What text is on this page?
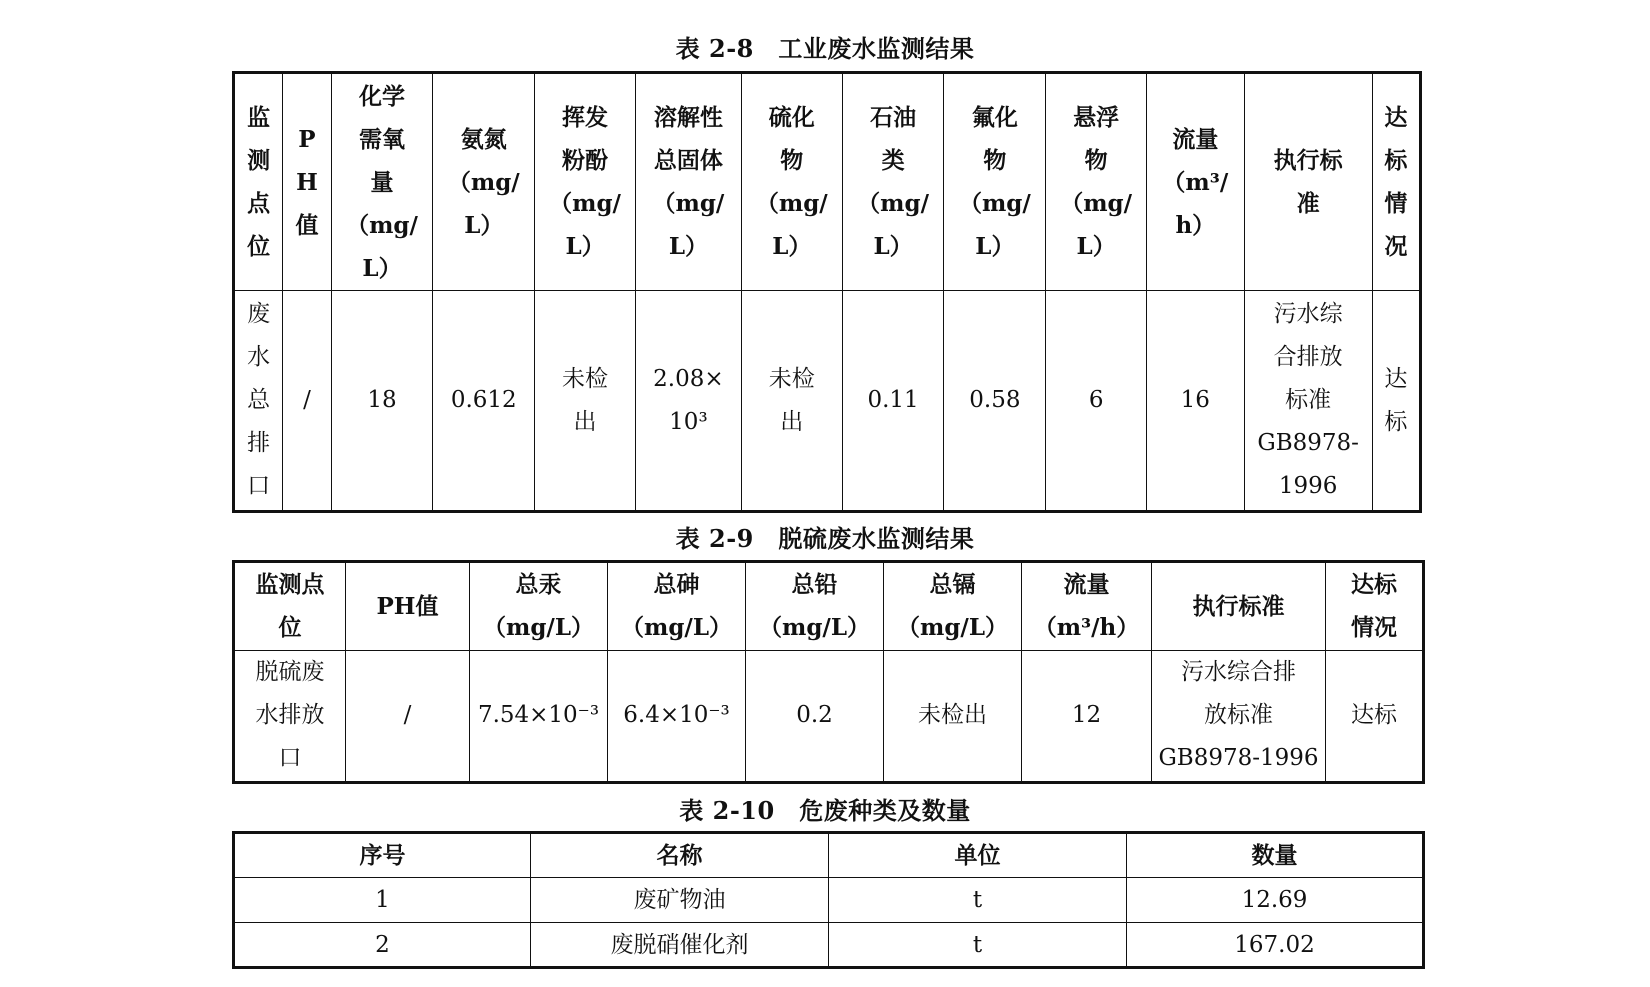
表 2-8　工业废水监测结果
监
测
点
位	P
H
值	化学
需氧
量
（mg/
L）	氨氮
（mg/
L）	挥发
粉酚
（mg/
L）	溶解性
总固体
（mg/
L）	硫化
物
（mg/
L）	石油
类
（mg/
L）	氟化
物
（mg/
L）	悬浮
物
（mg/
L）	流量
（m³/
h）	执行标
准	达
标
情
况

废
水
总
排
口	/	18	0.612	未检
出	2.08×
10³	未检
出	0.11	0.58	6	16	污水综
合排放
标准
GB8978-
1996	达
标
表 2-9　脱硫废水监测结果
监测点
位	PH值	总汞
（mg/L）	总砷
（mg/L）	总铅
（mg/L）	总镉
（mg/L）	流量
（m³/h）	执行标准	达标
情况

脱硫废
水排放
口	/	7.54×10⁻³	6.4×10⁻³	0.2	未检出	12	污水综合排
放标准
GB8978-1996	达标
表 2-10　危废种类及数量
序号	名称	单位	数量
1	废矿物油	t	12.69
2	废脱硝催化剂	t	167.02
